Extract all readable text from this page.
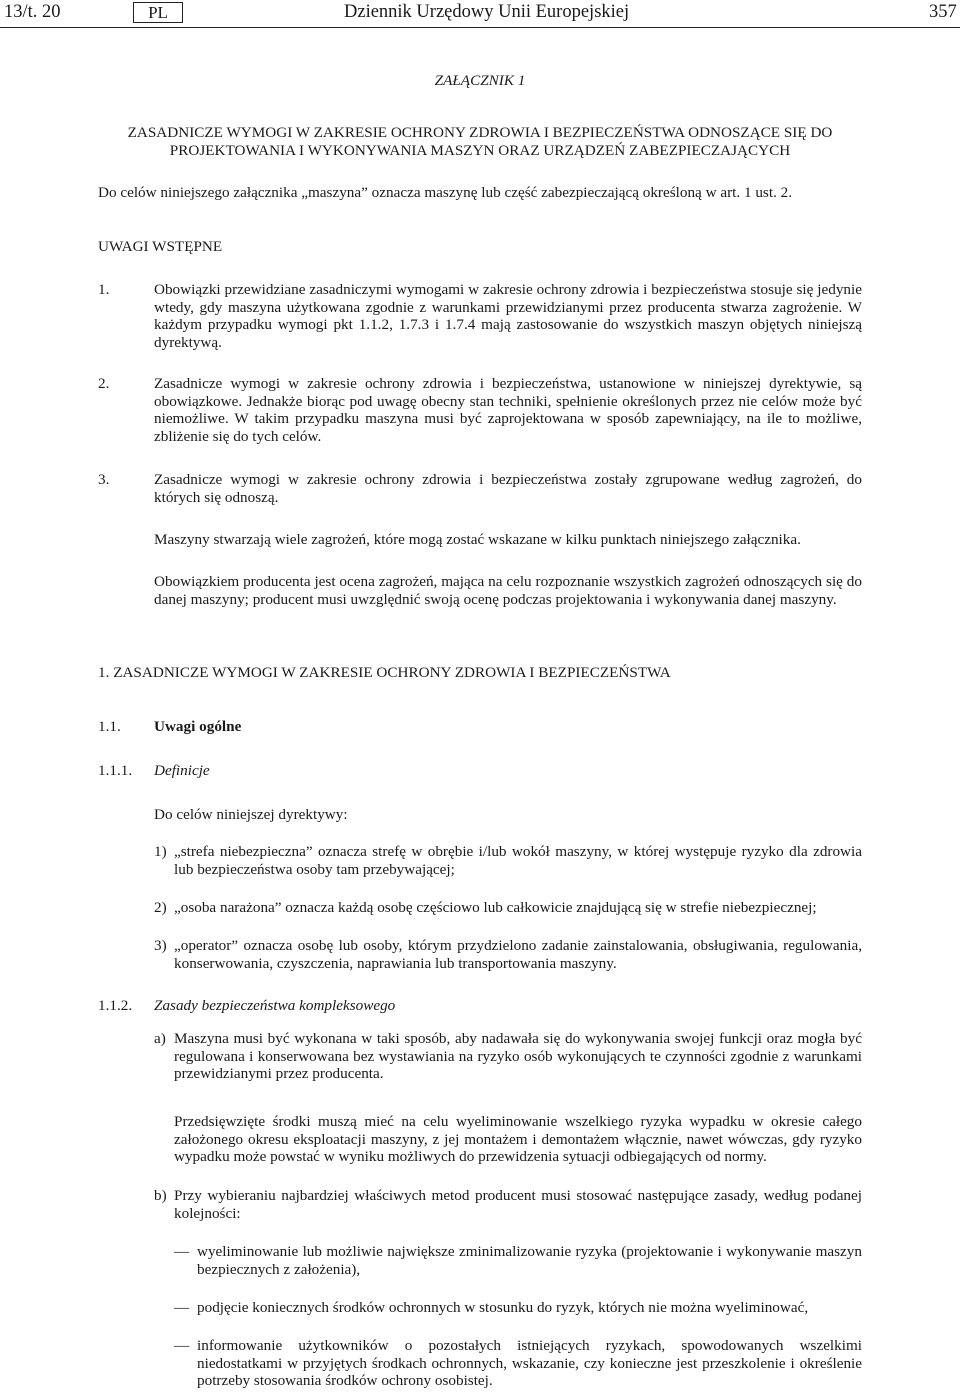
13/t. 20	PL	Dziennik Urzędowy Unii Europejskiej	357
ZAŁĄCZNIK 1
ZASADNICZE WYMOGI W ZAKRESIE OCHRONY ZDROWIA I BEZPIECZEŃSTWA ODNOSZĄCE SIĘ DO
PROJEKTOWANIA I WYKONYWANIA MASZYN ORAZ URZĄDZEŃ ZABEZPIECZAJĄCYCH
Do celów niniejszego załącznika „maszyna” oznacza maszynę lub część zabezpieczającą określoną w art. 1 ust. 2.
UWAGI WSTĘPNE
1.	Obowiązki przewidziane zasadniczymi wymogami w zakresie ochrony zdrowia i bezpieczeństwa stosuje się jedynie wtedy, gdy maszyna użytkowana zgodnie z warunkami przewidzianymi przez producenta stwarza zagrożenie. W każdym przypadku wymogi pkt 1.1.2, 1.7.3 i 1.7.4 mają zastosowanie do wszystkich maszyn objętych niniejszą dyrektywą.
2.	Zasadnicze wymogi w zakresie ochrony zdrowia i bezpieczeństwa, ustanowione w niniejszej dyrektywie, są obowiązkowe. Jednakże biorąc pod uwagę obecny stan techniki, spełnienie określonych przez nie celów może być niemożliwe. W takim przypadku maszyna musi być zaprojektowana w sposób zapewniający, na ile to możliwe, zbliżenie się do tych celów.
3.	Zasadnicze wymogi w zakresie ochrony zdrowia i bezpieczeństwa zostały zgrupowane według zagrożeń, do których się odnoszą.
Maszyny stwarzają wiele zagrożeń, które mogą zostać wskazane w kilku punktach niniejszego załącznika.
Obowiązkiem producenta jest ocena zagrożeń, mająca na celu rozpoznanie wszystkich zagrożeń odnoszących się do danej maszyny; producent musi uwzględnić swoją ocenę podczas projektowania i wykonywania danej maszyny.
1. ZASADNICZE WYMOGI W ZAKRESIE OCHRONY ZDROWIA I BEZPIECZEŃSTWA
1.1. Uwagi ogólne
1.1.1. Definicje
Do celów niniejszej dyrektywy:
1) „strefa niebezpieczna” oznacza strefę w obrębie i/lub wokół maszyny, w której występuje ryzyko dla zdrowia lub bezpieczeństwa osoby tam przebywającej;
2) „osoba narażona” oznacza każdą osobę częściowo lub całkowicie znajdującą się w strefie niebezpiecznej;
3) „operator” oznacza osobę lub osoby, którym przydzielono zadanie zainstalowania, obsługiwania, regulowania, konserwowania, czyszczenia, naprawiania lub transportowania maszyny.
1.1.2. Zasady bezpieczeństwa kompleksowego
a) Maszyna musi być wykonana w taki sposób, aby nadawała się do wykonywania swojej funkcji oraz mogła być regulowana i konserwowana bez wystawiania na ryzyko osób wykonujących te czynności zgodnie z warunkami przewidzianymi przez producenta.
Przedsięwzięte środki muszą mieć na celu wyeliminowanie wszelkiego ryzyka wypadku w okresie całego założonego okresu eksploatacji maszyny, z jej montażem i demontażem włącznie, nawet wówczas, gdy ryzyko wypadku może powstać w wyniku możliwych do przewidzenia sytuacji odbiegających od normy.
b) Przy wybieraniu najbardziej właściwych metod producent musi stosować następujące zasady, według podanej kolejności:
— wyeliminowanie lub możliwie największe zminimalizowanie ryzyka (projektowanie i wykonywanie maszyn bezpiecznych z założenia),
— podjęcie koniecznych środków ochronnych w stosunku do ryzyk, których nie można wyeliminować,
— informowanie użytkowników o pozostałych istniejących ryzykach, spowodowanych wszelkimi niedostatkami w przyjętych środkach ochronnych, wskazanie, czy konieczne jest przeszkolenie i określenie potrzeby stosowania środków ochrony osobistej.
